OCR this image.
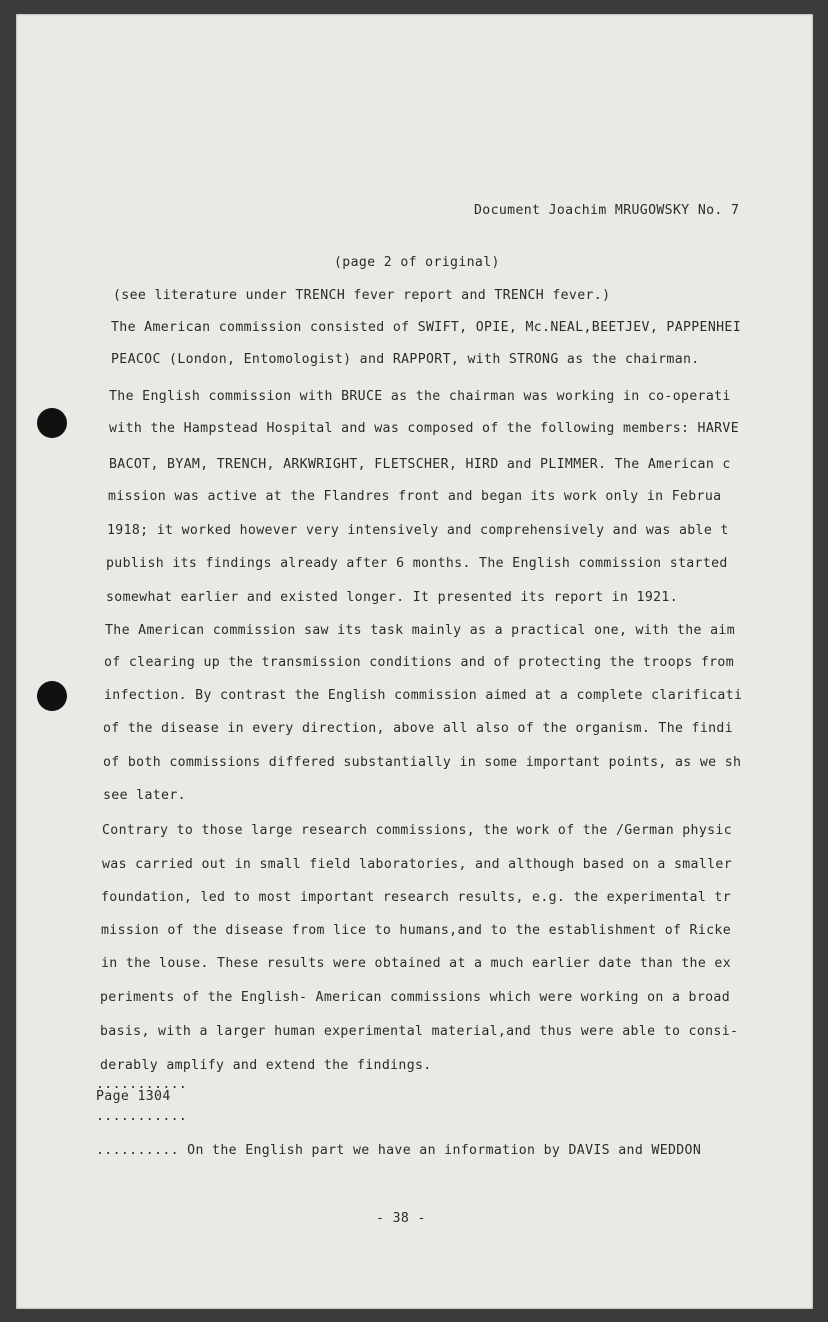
Document Joachim MRUGOWSKY No. 7
(page 2 of original)
(see literature under TRENCH fever report and TRENCH fever.)
The American commission consisted of SWIFT, OPIE, Mc.NEAL,BEETJEV, PAPPENHEI
PEACOC (London, Entomologist) and RAPPORT, with STRONG as the chairman.
The English commission with BRUCE as the chairman was working in co-operati
with the Hampstead Hospital and was composed of the following members: HARVE
BACOT, BYAM, TRENCH, ARKWRIGHT, FLETSCHER, HIRD and PLIMMER. The American c
mission was active at the Flandres front and began its work only in Februa
1918; it worked however very intensively and comprehensively and was able t
publish its findings already after 6 months. The English commission started
somewhat earlier and existed longer. It presented its report in 1921.
The American commission saw its task mainly as a practical one, with the aim
of clearing up the transmission conditions and of protecting the troops from
infection. By contrast the English commission aimed at a complete clarificati
of the disease in every direction, above all also of the organism. The findi
of both commissions differed substantially in some important points, as we sh
see later.
Contrary to those large research commissions, the work of the /German physic
was carried out in small field laboratories, and although based on a smaller
foundation, led to most important research results, e.g. the experimental tr
mission of the disease from lice to humans,and to the establishment of Ricke
in the louse. These results were obtained at a much earlier date than the ex
periments of the English- American commissions which were working on a broad
basis, with a larger human experimental material,and thus were able to consi-
derably amplify and extend the findings.
...........
Page 1304
...........
.......... On the English part we have an information by DAVIS and WEDDON
- 38 -
